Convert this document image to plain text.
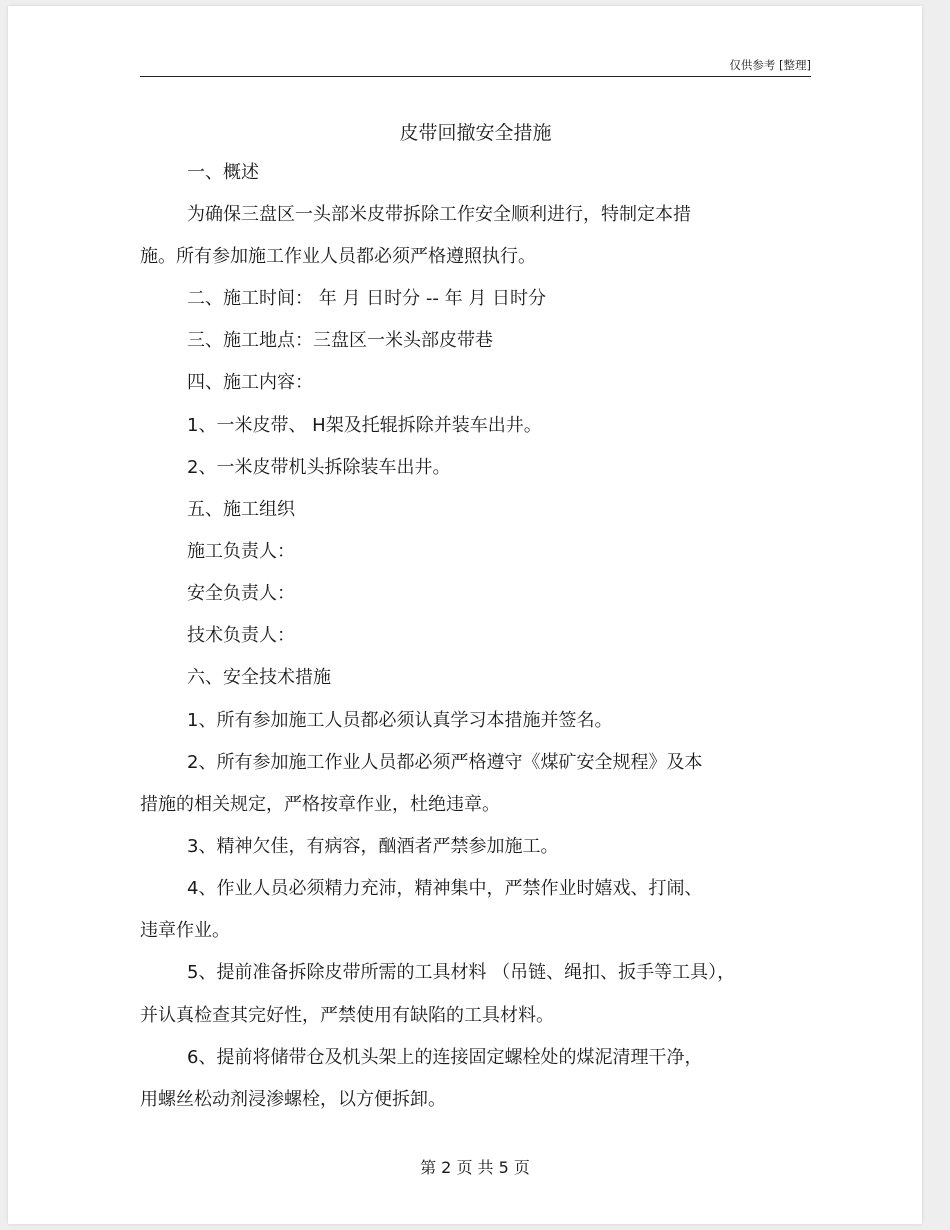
仅供参考 [整理]
皮带回撤安全措施
一、概述
为确保三盘区一头部米皮带拆除工作安全顺利进行，特制定本措
施。所有参加施工作业人员都必须严格遵照执行。
二、施工时间： 年 月 日时分 -- 年 月 日时分
三、施工地点：三盘区一米头部皮带巷
四、施工内容：
1、一米皮带、 H架及托辊拆除并装车出井。
2、一米皮带机头拆除装车出井。
五、施工组织
施工负责人：
安全负责人：
技术负责人：
六、安全技术措施
1、所有参加施工人员都必须认真学习本措施并签名。
2、所有参加施工作业人员都必须严格遵守《煤矿安全规程》及本
措施的相关规定，严格按章作业，杜绝违章。
3、精神欠佳，有病容，酗酒者严禁参加施工。
4、作业人员必须精力充沛，精神集中，严禁作业时嬉戏、打闹、
违章作业。
5、提前准备拆除皮带所需的工具材料 （吊链、绳扣、扳手等工具），
并认真检查其完好性，严禁使用有缺陷的工具材料。
6、提前将储带仓及机头架上的连接固定螺栓处的煤泥清理干净，
用螺丝松动剂浸渗螺栓，以方便拆卸。
第 2 页 共 5 页
